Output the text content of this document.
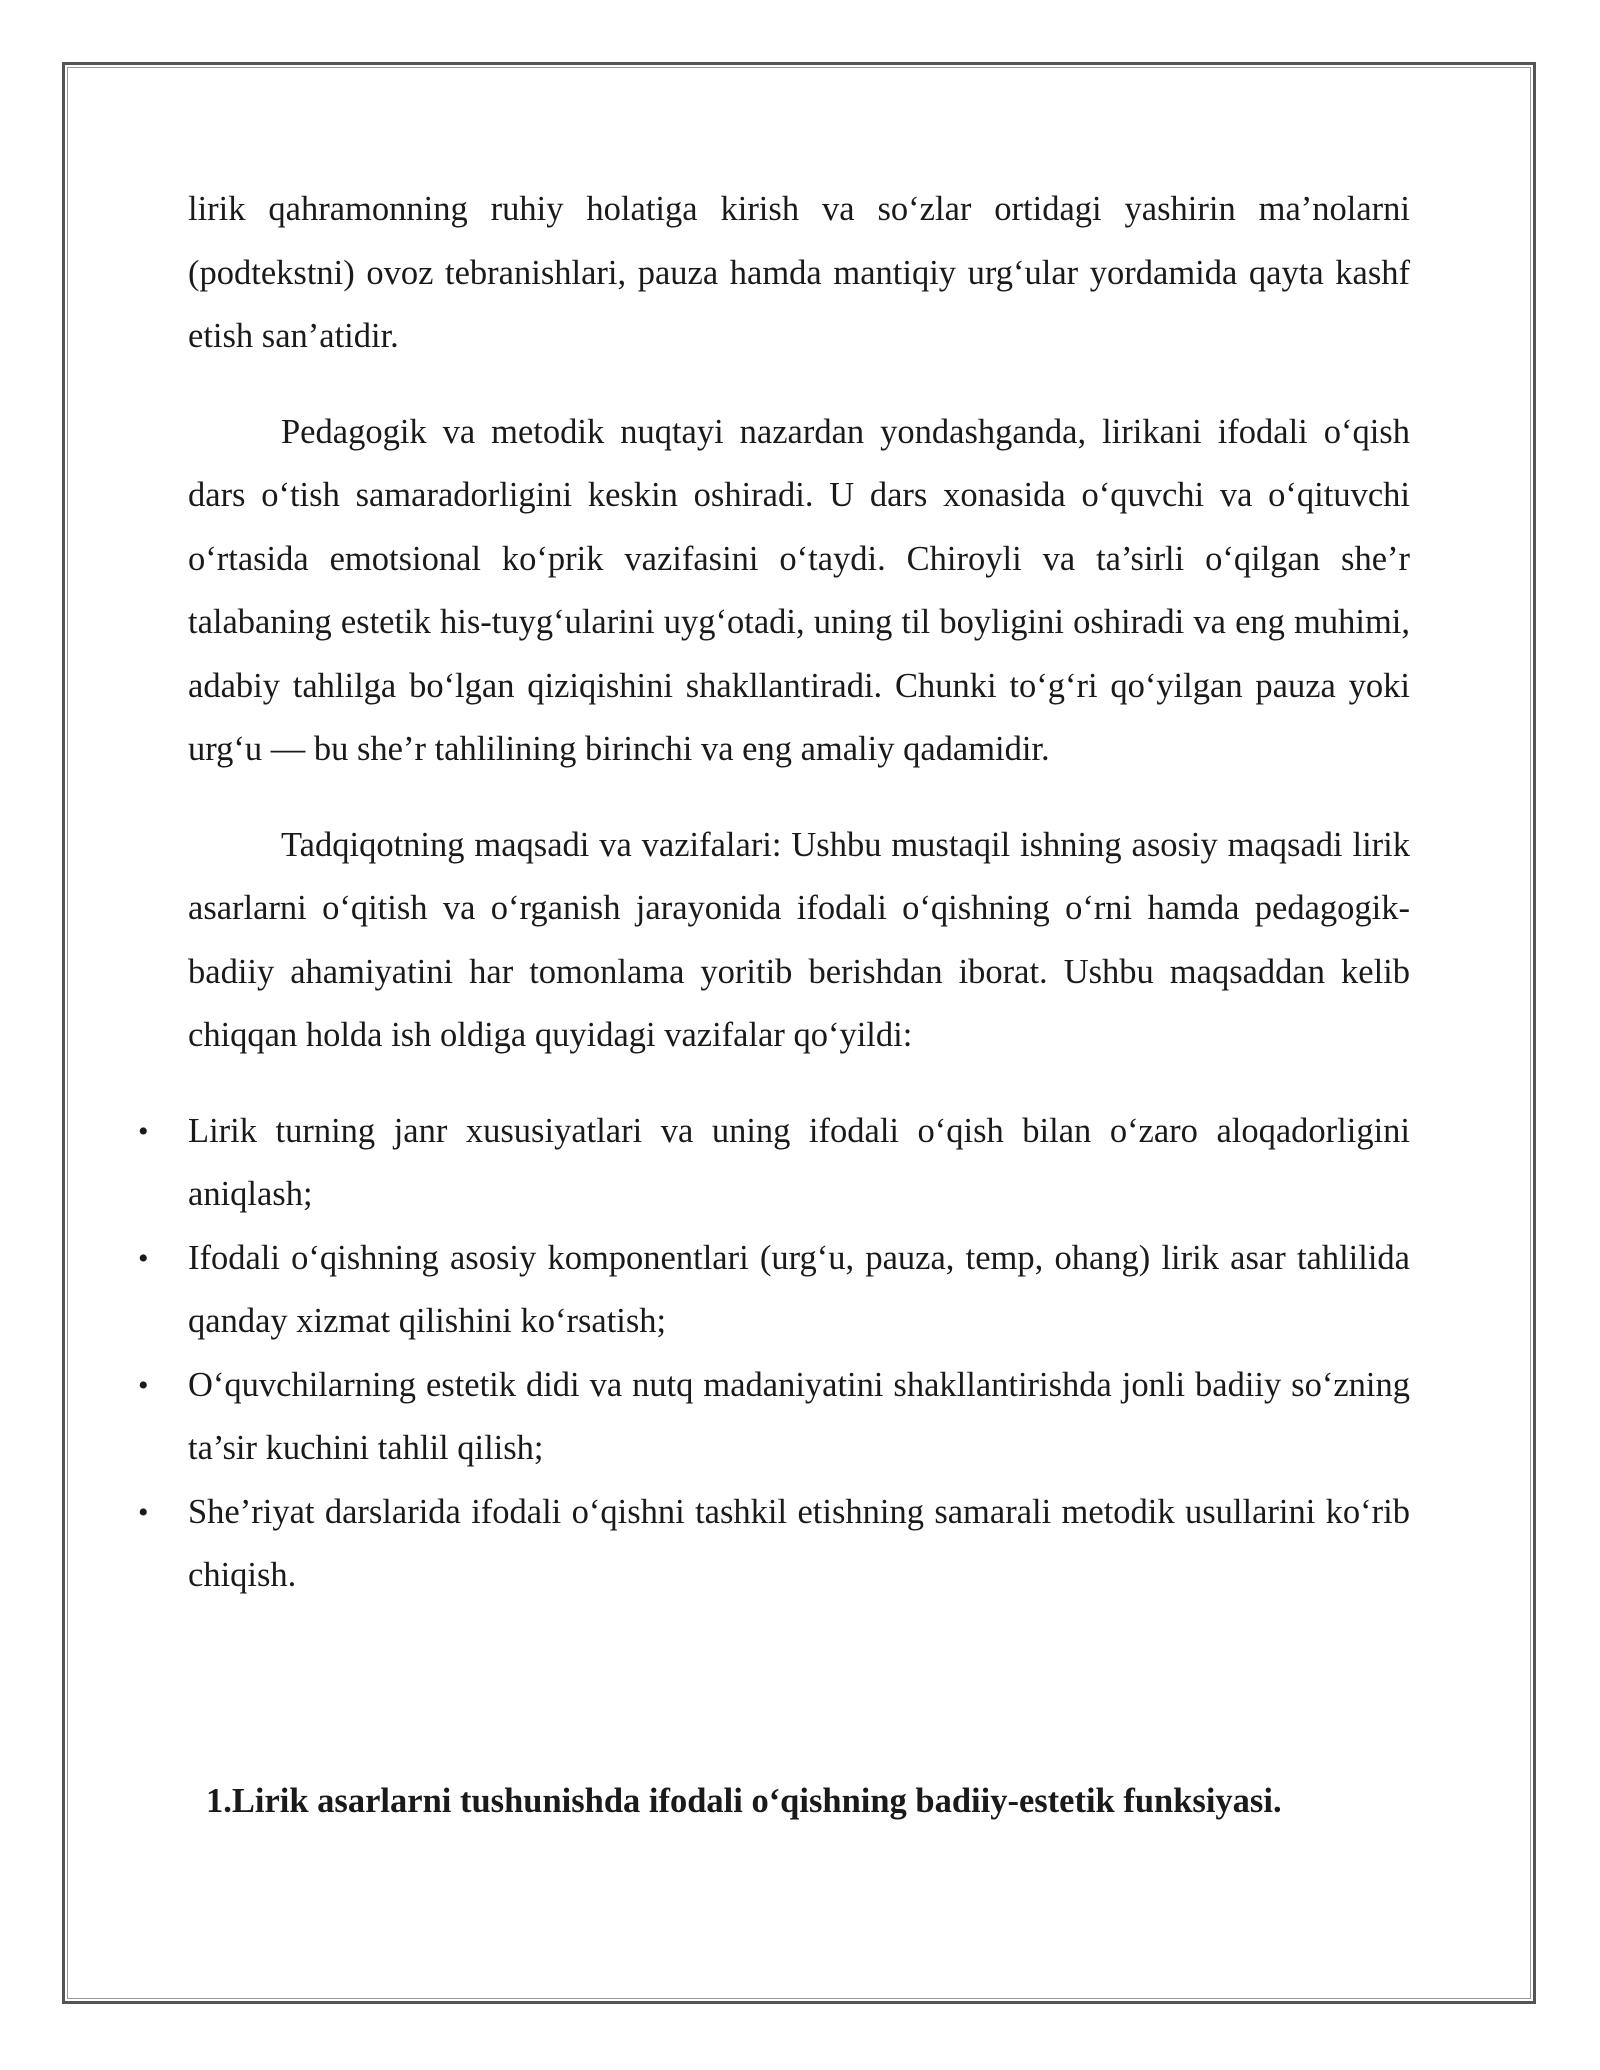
lirik qahramonning ruhiy holatiga kirish va so‘zlar ortidagi yashirin ma’nolarni (podtekstni) ovoz tebranishlari, pauza hamda mantiqiy urg‘ular yordamida qayta kashf etish san’atidir.

Pedagogik va metodik nuqtayi nazardan yondashganda, lirikani ifodali o‘qish dars o‘tish samaradorligini keskin oshiradi. U dars xonasida o‘quvchi va o‘qituvchi o‘rtasida emotsional ko‘prik vazifasini o‘taydi. Chiroyli va ta’sirli o‘qilgan she’r talabaning estetik his-tuyg‘ularini uyg‘otadi, uning til boyligini oshiradi va eng muhimi, adabiy tahlilga bo‘lgan qiziqishini shakllantiradi. Chunki to‘g‘ri qo‘yilgan pauza yoki urg‘u — bu she’r tahlilining birinchi va eng amaliy qadamidir.

Tadqiqotning maqsadi va vazifalari: Ushbu mustaqil ishning asosiy maqsadi lirik asarlarni o‘qitish va o‘rganish jarayonida ifodali o‘qishning o‘rni hamda pedagogik-badiiy ahamiyatini har tomonlama yoritib berishdan iborat. Ushbu maqsaddan kelib chiqqan holda ish oldiga quyidagi vazifalar qo‘yildi:

• Lirik turning janr xususiyatlari va uning ifodali o‘qish bilan o‘zaro aloqadorligini aniqlash;
• Ifodali o‘qishning asosiy komponentlari (urg‘u, pauza, temp, ohang) lirik asar tahlilida qanday xizmat qilishini ko‘rsatish;
• O‘quvchilarning estetik didi va nutq madaniyatini shakllantirishda jonli badiiy so‘zning ta’sir kuchini tahlil qilish;
• She’riyat darslarida ifodali o‘qishni tashkil etishning samarali metodik usullarini ko‘rib chiqish.
1.Lirik asarlarni tushunishda ifodali o‘qishning badiiy-estetik funksiyasi.
